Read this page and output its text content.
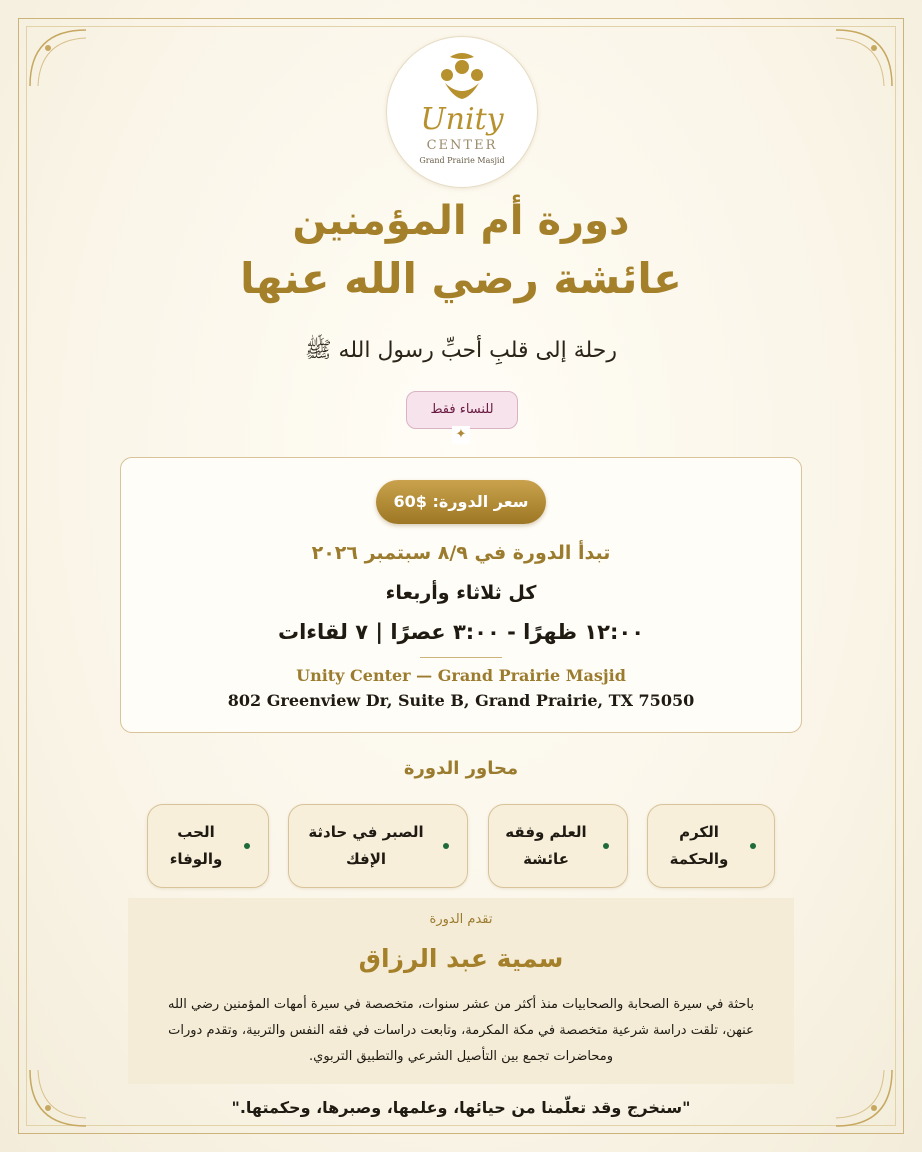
Unity
CENTER
Grand Prairie Masjid
دورة أم المؤمنين
عائشة رضي الله عنها
رحلة إلى قلبِ أحبِّ رسول الله ﷺ
للنساء فقط
✦
سعر الدورة: $60
تبدأ الدورة في ٨/٩ سبتمبر ٢٠٢٦
كل ثلاثاء وأربعاء
١٢:٠٠ ظهرًا - ٣:٠٠ عصرًا | ٧ لقاءات
Unity Center — Grand Prairie Masjid
802 Greenview Dr, Suite B, Grand Prairie, TX 75050
محاور الدورة
الكرم والحكمة
العلم وفقه عائشة
الصبر في حادثة الإفك
الحب والوفاء
تقدم الدورة
سمية عبد الرزاق
باحثة في سيرة الصحابة والصحابيات منذ أكثر من عشر سنوات، متخصصة في سيرة أمهات المؤمنين رضي الله عنهن، تلقت دراسة شرعية متخصصة في مكة المكرمة، وتابعت دراسات في فقه النفس والتربية، وتقدم دورات ومحاضرات تجمع بين التأصيل الشرعي والتطبيق التربوي.
"سنخرج وقد تعلّمنا من حيائها، وعلمها، وصبرها، وحكمتها."
